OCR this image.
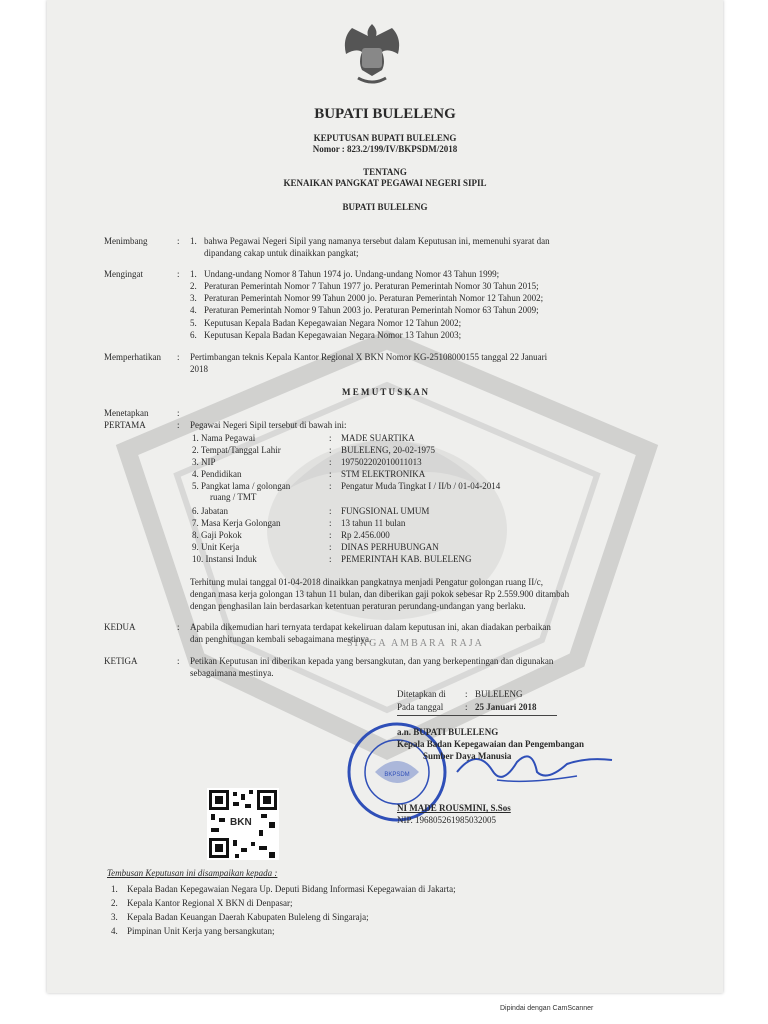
SINGA AMBARA RAJA
BUPATI BULELENG
KEPUTUSAN BUPATI BULELENG
Nomor : 823.2/199/IV/BKPSDM/2018
TENTANG
KENAIKAN PANGKAT PEGAWAI NEGERI SIPIL
BUPATI BULELENG
Menimbang	: 1. bahwa Pegawai Negeri Sipil yang namanya tersebut dalam Keputusan ini, memenuhi syarat dan
dipandang cakap untuk dinaikkan pangkat;
Mengingat	: 1. Undang-undang Nomor 8 Tahun 1974 jo. Undang-undang Nomor 43 Tahun 1999;
2. Peraturan Pemerintah Nomor 7 Tahun 1977 jo. Peraturan Pemerintah Nomor 30 Tahun 2015;
3. Peraturan Pemerintah Nomor 99 Tahun 2000 jo. Peraturan Pemerintah Nomor 12 Tahun 2002;
4. Peraturan Pemerintah Nomor 9 Tahun 2003 jo. Peraturan Pemerintah Nomor 63 Tahun 2009;
5. Keputusan Kepala Badan Kepegawaian Negara Nomor 12 Tahun 2002;
6. Keputusan Kepala Badan Kepegawaian Negara Nomor 13 Tahun 2003;
Memperhatikan : Pertimbangan teknis Kepala Kantor Regional X BKN Nomor KG-25108000155 tanggal 22 Januari
2018
M E M U T U S K A N
Menetapkan	:
PERTAMA	: Pegawai Negeri Sipil tersebut di bawah ini:
1. Nama Pegawai	: MADE SUARTIKA
2. Tempat/Tanggal Lahir	: BULELENG, 20-02-1975
3. NIP	: 197502202010011013
4. Pendidikan	: STM ELEKTRONIKA
5. Pangkat lama / golongan
ruang / TMT
: Pengatur Muda Tingkat I / II/b / 01-04-2014
6. Jabatan	: FUNGSIONAL UMUM
7. Masa Kerja Golongan	: 13 tahun 11 bulan
8. Gaji Pokok	: Rp 2.456.000
9. Unit Kerja	: DINAS PERHUBUNGAN
10. Instansi Induk	: PEMERINTAH KAB. BULELENG
Terhitung mulai tanggal 01-04-2018 dinaikkan pangkatnya menjadi Pengatur golongan ruang II/c,
dengan masa kerja golongan 13 tahun 11 bulan, dan diberikan gaji pokok sebesar Rp 2.559.900 ditambah
dengan penghasilan lain berdasarkan ketentuan peraturan perundang-undangan yang berlaku.
KEDUA	: Apabila dikemudian hari ternyata terdapat kekeliruan dalam keputusan ini, akan diadakan perbaikan
dan penghitungan kembali sebagaimana mestinya.
KETIGA	: Petikan Keputusan ini diberikan kepada yang bersangkutan, dan yang berkepentingan dan digunakan
sebagaimana mestinya.
Ditetapkan di : BULELENG
Pada tanggal : 25 Januari 2018
BKPSDM
a.n. BUPATI BULELENG
Kepala Badan Kepegawaian dan Pengembangan
Sumber Daya Manusia
NI MADE ROUSMINI, S.Sos
NIP. 196805261985032005
BKN
Tembusan Keputusan ini disampaikan kepada :
1. Kepala Badan Kepegawaian Negara Up. Deputi Bidang Informasi Kepegawaian di Jakarta;
2. Kepala Kantor Regional X BKN di Denpasar;
3. Kepala Badan Keuangan Daerah Kabupaten Buleleng di Singaraja;
4. Pimpinan Unit Kerja yang bersangkutan;
Dipindai dengan CamScanner
